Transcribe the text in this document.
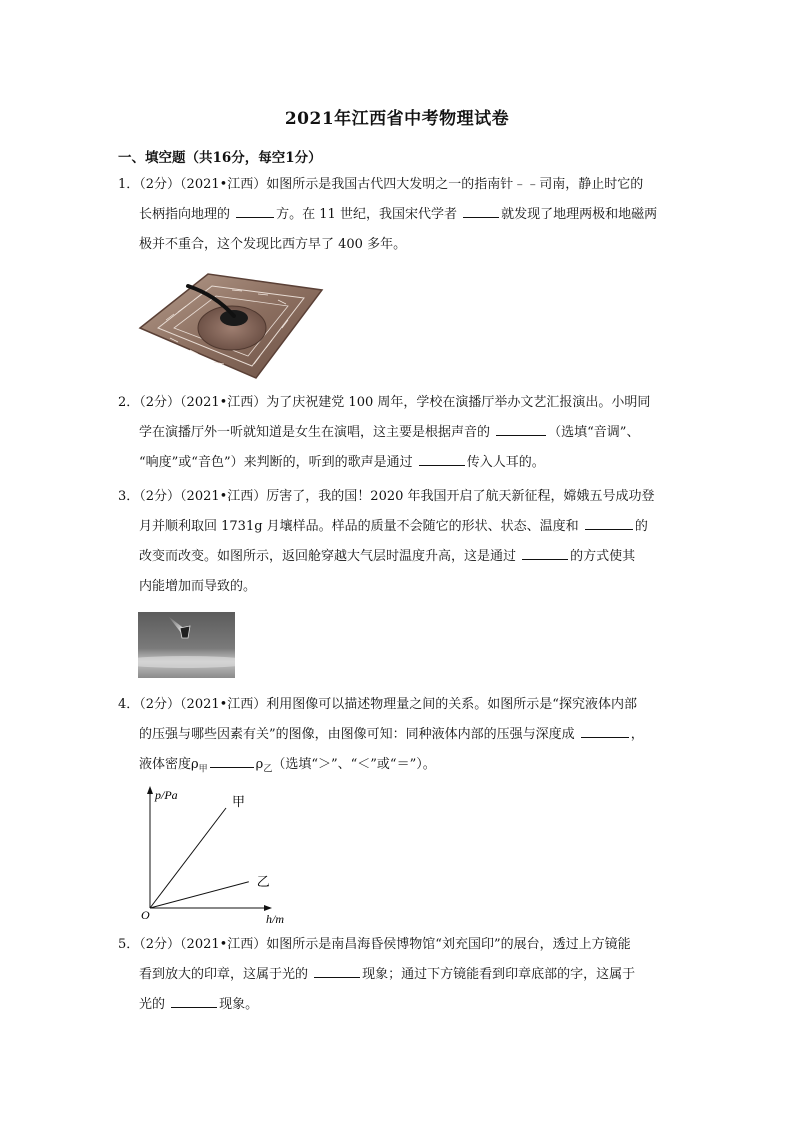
2021年江西省中考物理试卷
一、填空题（共16分，每空1分）
1．（2分）（2021•江西）如图所示是我国古代四大发明之一的指南针﹣﹣司南，静止时它的
长柄指向地理的	方。在 11 世纪，我国宋代学者	就发现了地理两极和地磁两
极并不重合，这个发现比西方早了 400 多年。
2．（2分）（2021•江西）为了庆祝建党 100 周年，学校在演播厅举办文艺汇报演出。小明同
学在演播厅外一听就知道是女生在演唱，这主要是根据声音的	（选填“音调”、
“响度”或“音色”）来判断的，听到的歌声是通过	传入人耳的。
3．（2分）（2021•江西）厉害了，我的国！2020 年我国开启了航天新征程，嫦娥五号成功登
月并顺利取回 1731g 月壤样品。样品的质量不会随它的形状、状态、温度和	的
改变而改变。如图所示，返回舱穿越大气层时温度升高，这是通过	的方式使其
内能增加而导致的。
4．（2分）（2021•江西）利用图像可以描述物理量之间的关系。如图所示是“探究液体内部
的压强与哪些因素有关”的图像，由图像可知：同种液体内部的压强与深度成	，
液体密度$\rho_甲$	$\rho_乙$（选填“＞”、“＜”或“＝”）。
p/Pa
h/m
O
甲
乙
5．（2分）（2021•江西）如图所示是南昌海昏侯博物馆“刘充国印”的展台，透过上方镜能
看到放大的印章，这属于光的	现象；通过下方镜能看到印章底部的字，这属于
光的	现象。
